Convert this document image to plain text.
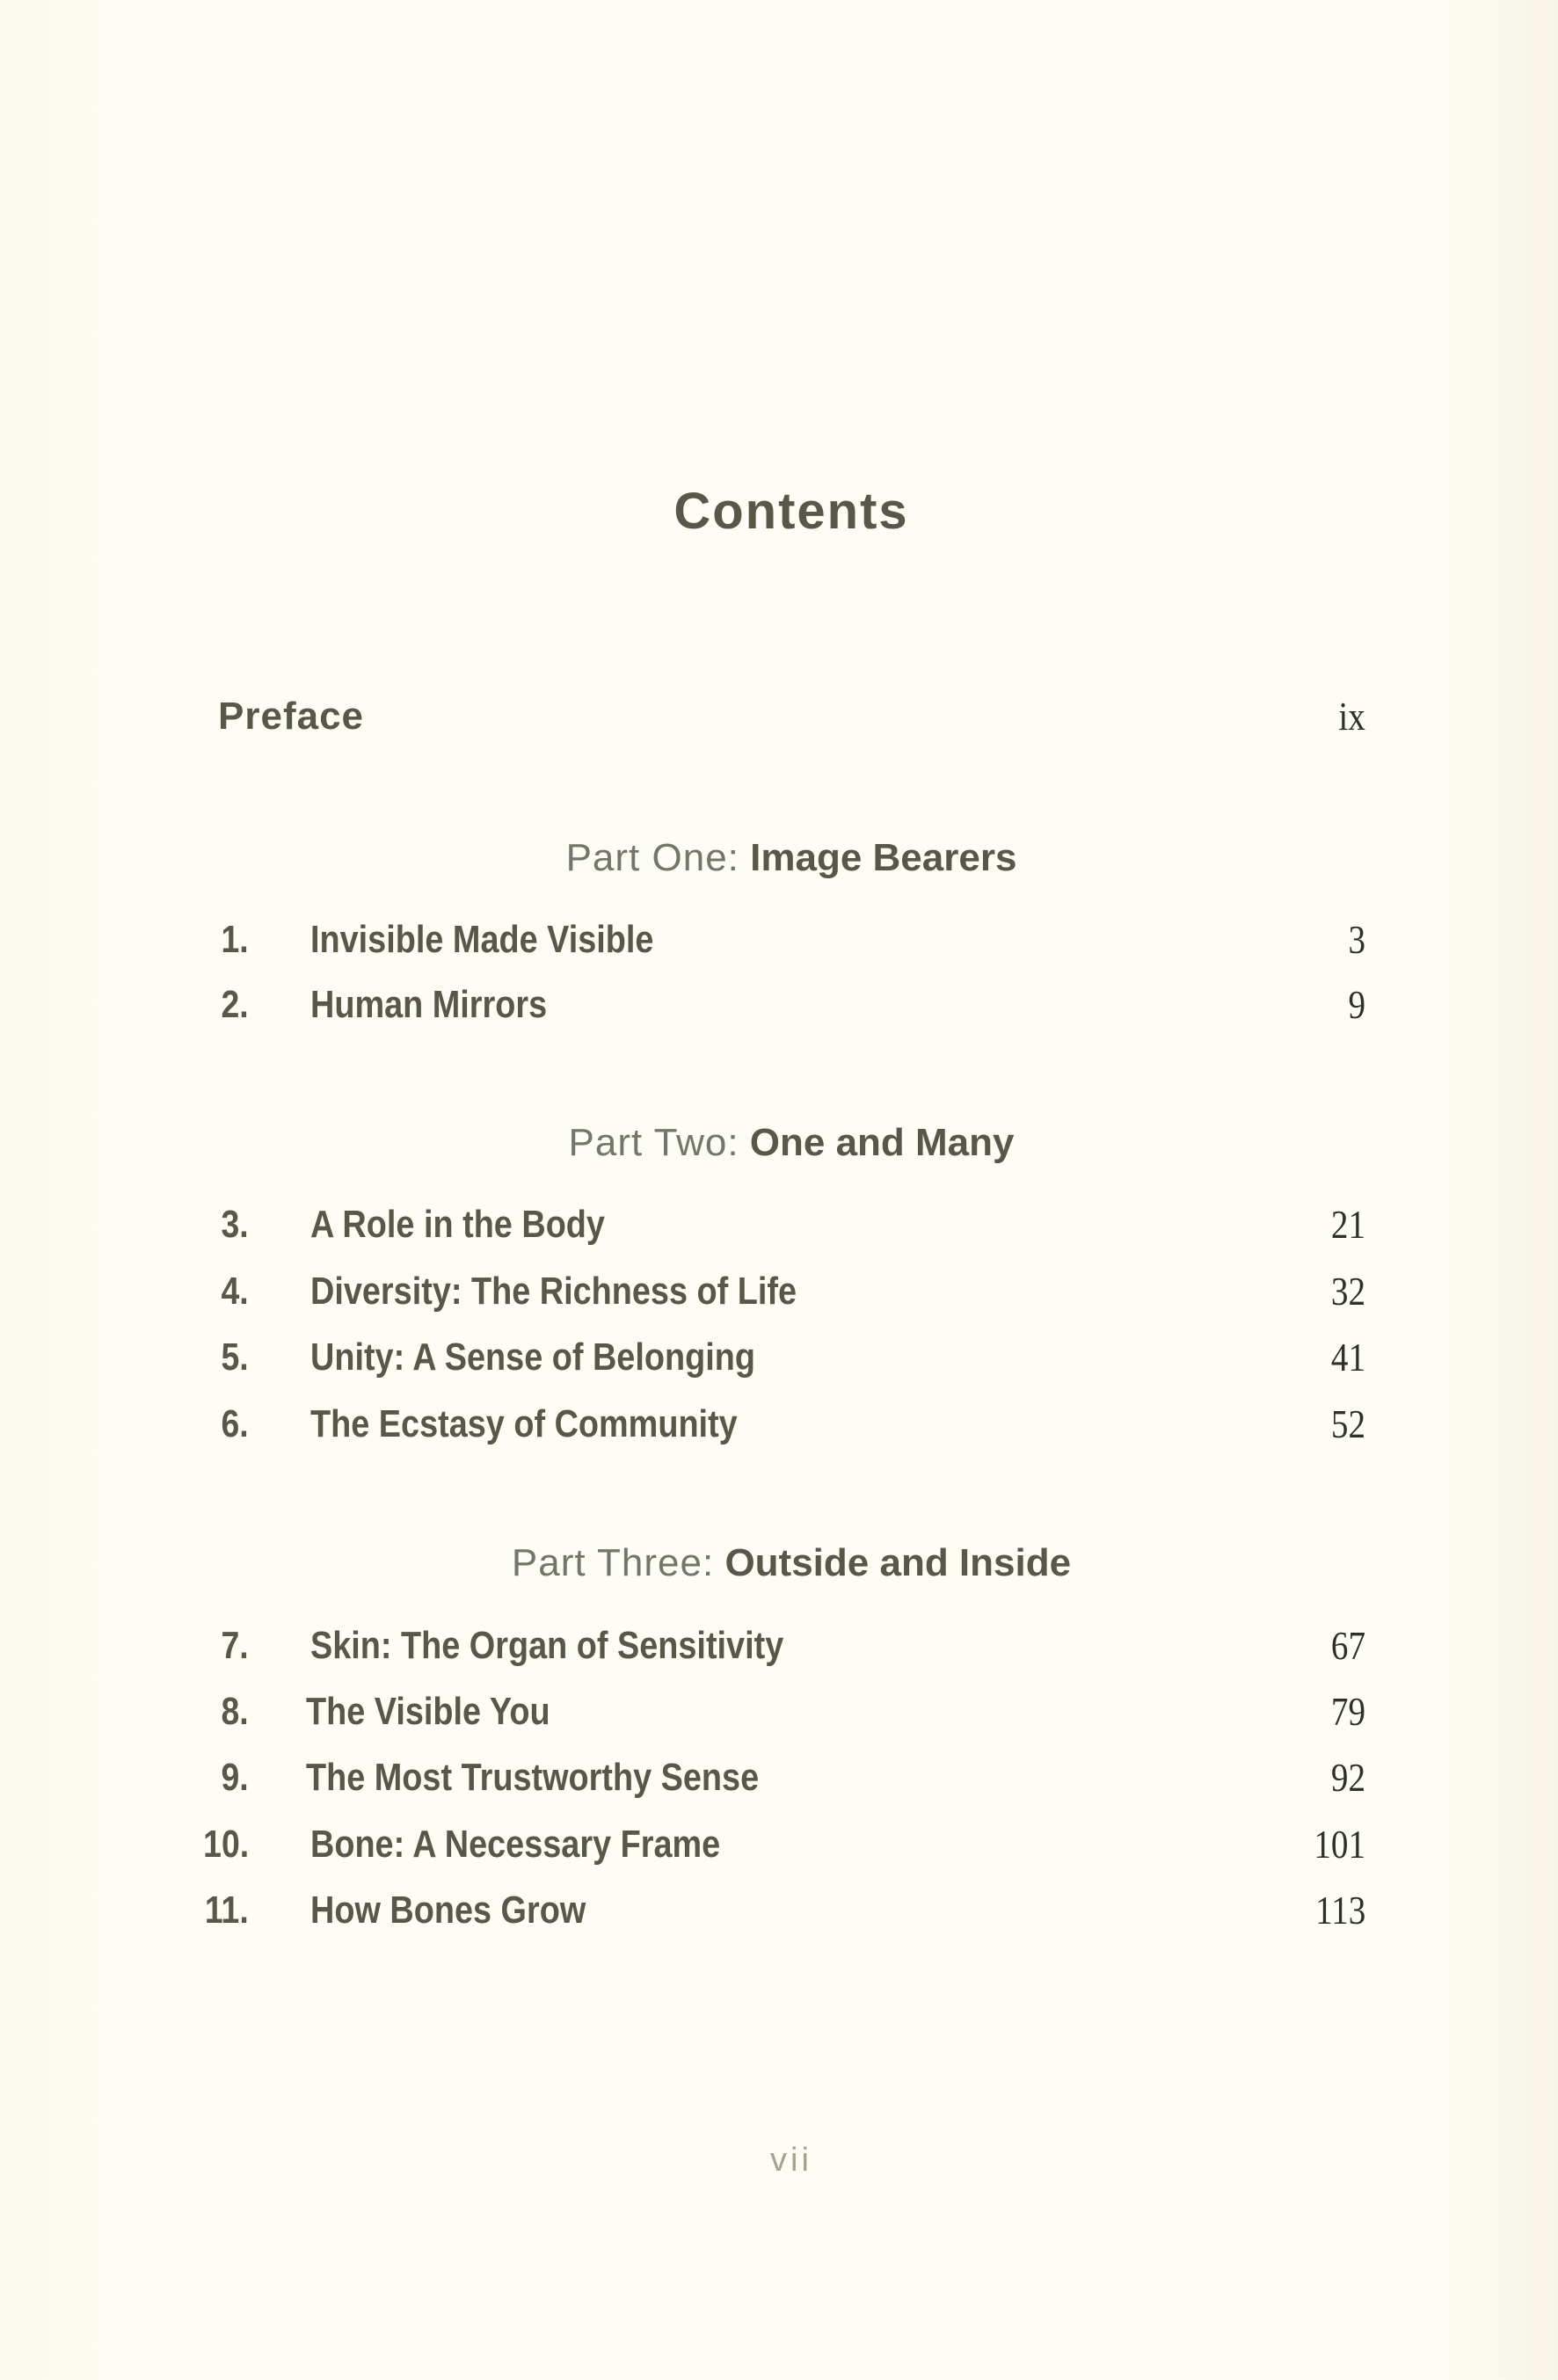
Contents
Preface	ix
Part One: Image Bearers
1. Invisible Made Visible	3
2. Human Mirrors	9
Part Two: One and Many
3. A Role in the Body	21
4. Diversity: The Richness of Life	32
5. Unity: A Sense of Belonging	41
6. The Ecstasy of Community	52
Part Three: Outside and Inside
7. Skin: The Organ of Sensitivity	67
8. The Visible You	79
9. The Most Trustworthy Sense	92
10. Bone: A Necessary Frame	101
11. How Bones Grow	113
vii
